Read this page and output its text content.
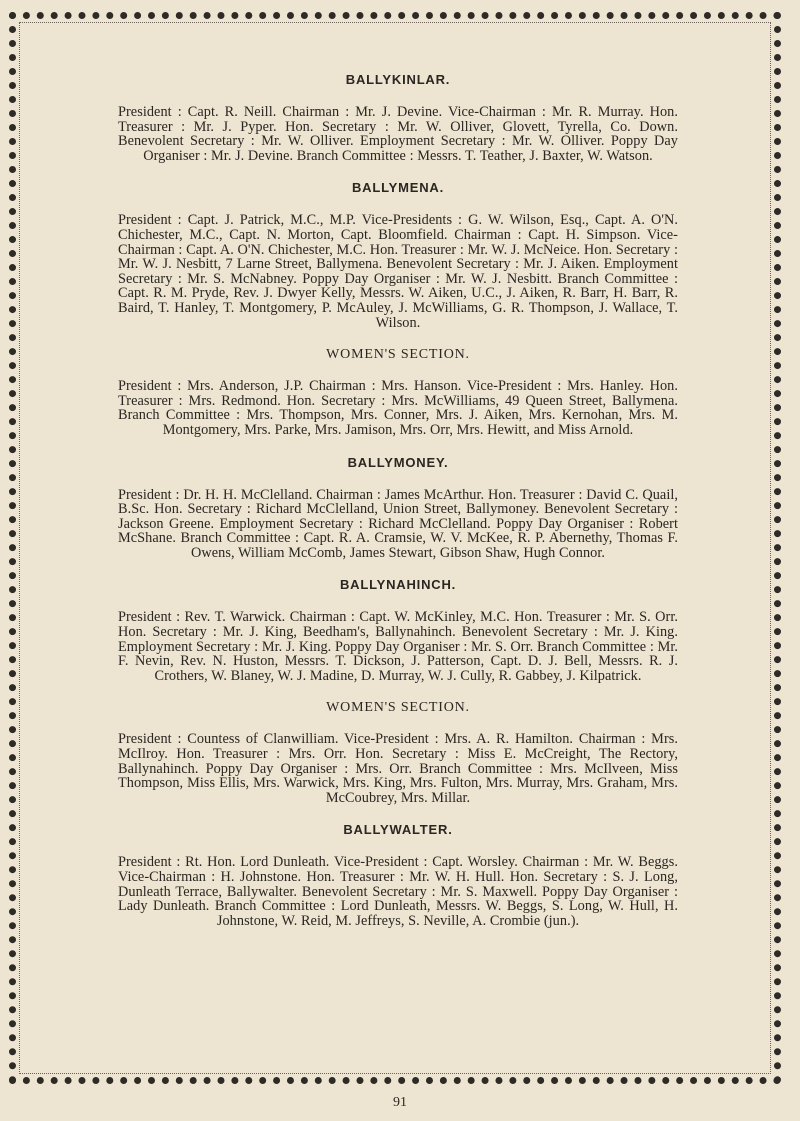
BALLYKINLAR.

President : Capt. R. Neill. Chairman : Mr. J. Devine. Vice-Chairman : Mr. R. Murray. Hon. Treasurer : Mr. J. Pyper. Hon. Secretary : Mr. W. Olliver, Glovett, Tyrella, Co. Down. Benevolent Secretary : Mr. W. Olliver. Employment Secretary : Mr. W. Olliver. Poppy Day Organiser : Mr. J. Devine. Branch Committee : Messrs. T. Teather, J. Baxter, W. Watson.

BALLYMENA.

President : Capt. J. Patrick, M.C., M.P. Vice-Presidents : G. W. Wilson, Esq., Capt. A. O'N. Chichester, M.C., Capt. N. Morton, Capt. Bloomfield. Chairman : Capt. H. Simpson. Vice-Chairman : Capt. A. O'N. Chichester, M.C. Hon. Treasurer : Mr. W. J. McNeice. Hon. Secretary : Mr. W. J. Nesbitt, 7 Larne Street, Ballymena. Benevolent Secretary : Mr. J. Aiken. Employment Secretary : Mr. S. McNabney. Poppy Day Organiser : Mr. W. J. Nesbitt. Branch Committee : Capt. R. M. Pryde, Rev. J. Dwyer Kelly, Messrs. W. Aiken, U.C., J. Aiken, R. Barr, H. Barr, R. Baird, T. Hanley, T. Montgomery, P. McAuley, J. McWilliams, G. R. Thompson, J. Wallace, T. Wilson.

WOMEN'S SECTION.

President : Mrs. Anderson, J.P. Chairman : Mrs. Hanson. Vice-President : Mrs. Hanley. Hon. Treasurer : Mrs. Redmond. Hon. Secretary : Mrs. McWilliams, 49 Queen Street, Ballymena. Branch Committee : Mrs. Thompson, Mrs. Conner, Mrs. J. Aiken, Mrs. Kernohan, Mrs. M. Montgomery, Mrs. Parke, Mrs. Jamison, Mrs. Orr, Mrs. Hewitt, and Miss Arnold.

BALLYMONEY.

President : Dr. H. H. McClelland. Chairman : James McArthur. Hon. Treasurer : David C. Quail, B.Sc. Hon. Secretary : Richard McClelland, Union Street, Ballymoney. Benevolent Secretary : Jackson Greene. Employment Secretary : Richard McClelland. Poppy Day Organiser : Robert McShane. Branch Committee : Capt. R. A. Cramsie, W. V. McKee, R. P. Abernethy, Thomas F. Owens, William McComb, James Stewart, Gibson Shaw, Hugh Connor.

BALLYNAHINCH.

President : Rev. T. Warwick. Chairman : Capt. W. McKinley, M.C. Hon. Treasurer : Mr. S. Orr. Hon. Secretary : Mr. J. King, Beedham's, Ballynahinch. Benevolent Secretary : Mr. J. King. Employment Secretary : Mr. J. King. Poppy Day Organiser : Mr. S. Orr. Branch Committee : Mr. F. Nevin, Rev. N. Huston, Messrs. T. Dickson, J. Patterson, Capt. D. J. Bell, Messrs. R. J. Crothers, W. Blaney, W. J. Madine, D. Murray, W. J. Cully, R. Gabbey, J. Kilpatrick.

WOMEN'S SECTION.

President : Countess of Clanwilliam. Vice-President : Mrs. A. R. Hamilton. Chairman : Mrs. McIlroy. Hon. Treasurer : Mrs. Orr. Hon. Secretary : Miss E. McCreight, The Rectory, Ballynahinch. Poppy Day Organiser : Mrs. Orr. Branch Committee : Mrs. McIlveen, Miss Thompson, Miss Ellis, Mrs. Warwick, Mrs. King, Mrs. Fulton, Mrs. Murray, Mrs. Graham, Mrs. McCoubrey, Mrs. Millar.

BALLYWALTER.

President : Rt. Hon. Lord Dunleath. Vice-President : Capt. Worsley. Chairman : Mr. W. Beggs. Vice-Chairman : H. Johnstone. Hon. Treasurer : Mr. W. H. Hull. Hon. Secretary : S. J. Long, Dunleath Terrace, Ballywalter. Benevolent Secretary : Mr. S. Maxwell. Poppy Day Organiser : Lady Dunleath. Branch Committee : Lord Dunleath, Messrs. W. Beggs, S. Long, W. Hull, H. Johnstone, W. Reid, M. Jeffreys, S. Neville, A. Crombie (jun.).

91
